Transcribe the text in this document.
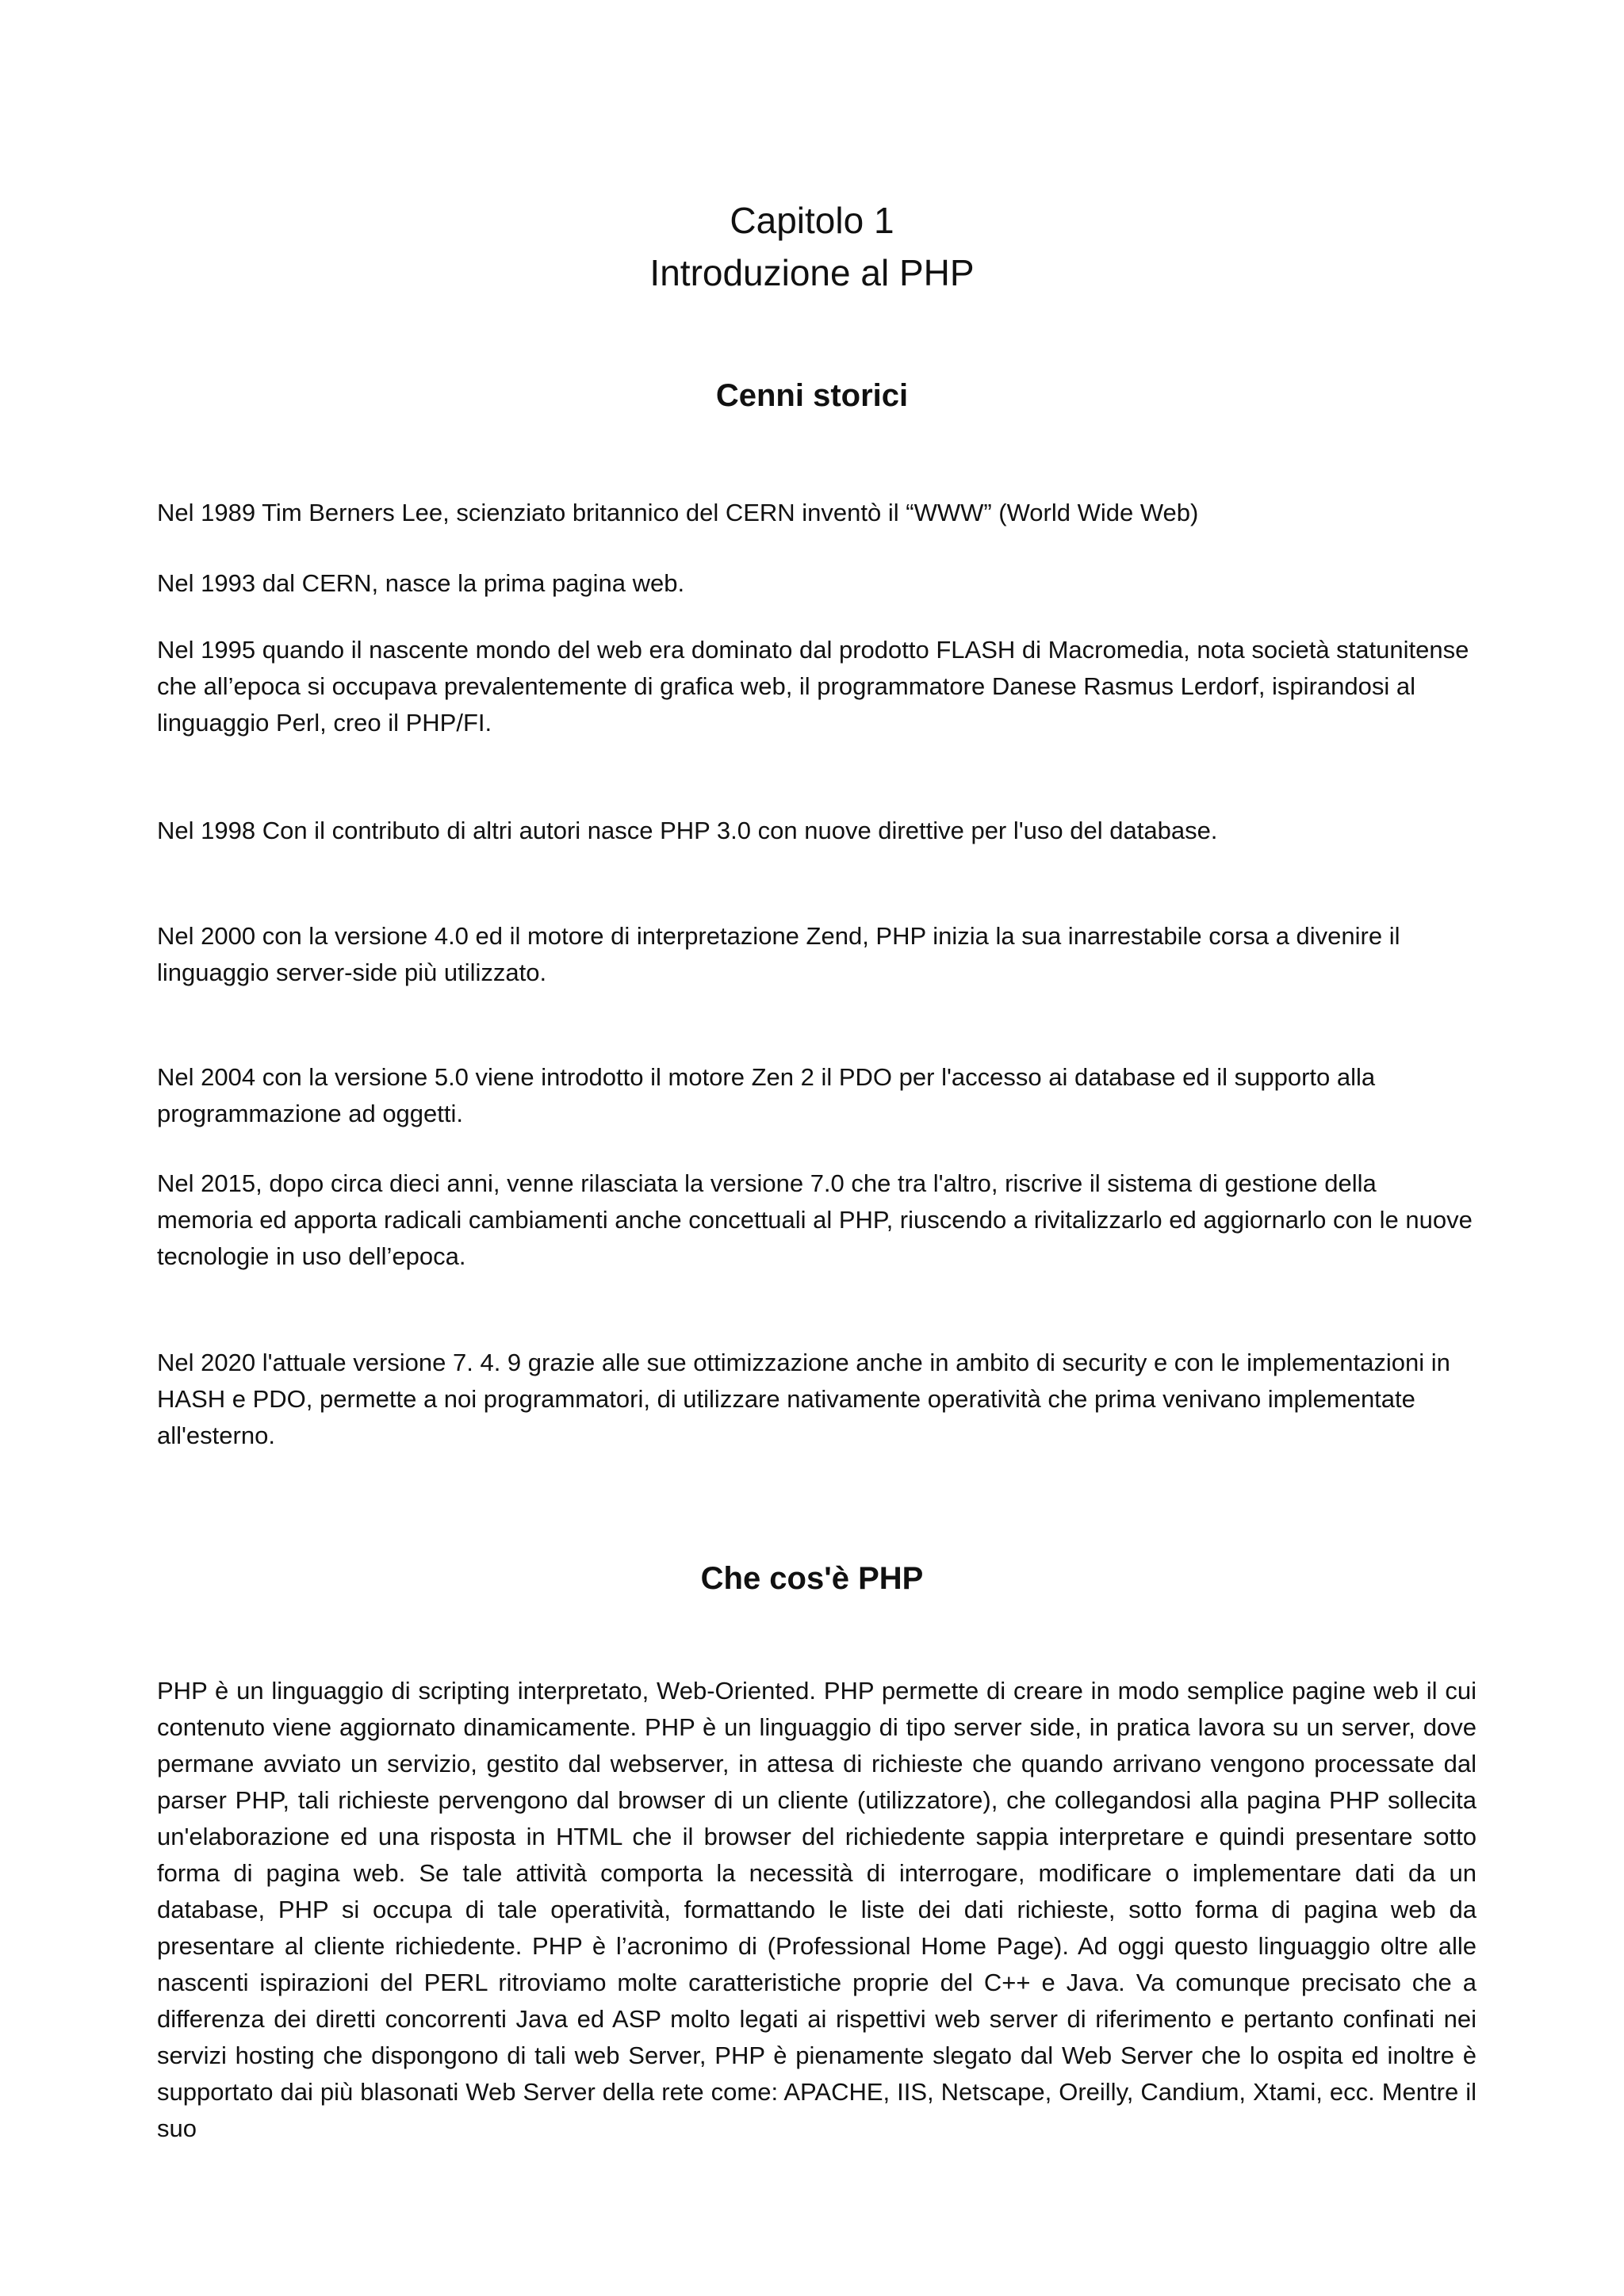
Capitolo 1
Introduzione al PHP
Cenni storici

Nel 1989 Tim Berners Lee, scienziato britannico del CERN inventò il “WWW” (World Wide Web)

Nel 1993 dal CERN, nasce la prima pagina web.

Nel 1995 quando il nascente mondo del web era dominato dal prodotto FLASH di Macromedia, nota società statunitense che all’epoca si occupava prevalentemente di grafica web, il programmatore Danese Rasmus Lerdorf, ispirandosi al linguaggio Perl, creo il PHP/FI.

Nel 1998 Con il contributo di altri autori nasce PHP 3.0 con nuove direttive per l'uso del database.

Nel 2000 con la versione 4.0 ed il motore di interpretazione Zend, PHP inizia la sua inarrestabile corsa a divenire il linguaggio server-side più utilizzato.

Nel 2004 con la versione 5.0 viene introdotto il motore Zen 2 il PDO per l'accesso ai database ed il supporto alla programmazione ad oggetti.

Nel 2015, dopo circa dieci anni, venne rilasciata la versione 7.0 che tra l'altro, riscrive il sistema di gestione della memoria ed apporta radicali cambiamenti anche concettuali al PHP, riuscendo a rivitalizzarlo ed aggiornarlo con le nuove tecnologie in uso dell’epoca.

Nel 2020 l'attuale versione 7. 4. 9 grazie alle sue ottimizzazione anche in ambito di security e con le implementazioni in HASH e PDO, permette a noi programmatori, di utilizzare nativamente operatività che prima venivano implementate all'esterno.

Che cos'è PHP

PHP è un linguaggio di scripting interpretato, Web-Oriented. PHP permette di creare in modo semplice pagine web il cui contenuto viene aggiornato dinamicamente. PHP è un linguaggio di tipo server side, in pratica lavora su un server, dove permane avviato un servizio, gestito dal webserver, in attesa di richieste che quando arrivano vengono processate dal parser PHP, tali richieste pervengono dal browser di un cliente (utilizzatore), che collegandosi alla pagina PHP sollecita un'elaborazione ed una risposta in HTML che il browser del richiedente sappia interpretare e quindi presentare sotto forma di pagina web. Se tale attività comporta la necessità di interrogare, modificare o implementare dati da un database, PHP si occupa di tale operatività, formattando le liste dei dati richieste, sotto forma di pagina web da presentare al cliente richiedente. PHP è l’acronimo di (Professional Home Page). Ad oggi questo linguaggio oltre alle nascenti ispirazioni del PERL ritroviamo molte caratteristiche proprie del C++ e Java. Va comunque precisato che a differenza dei diretti concorrenti Java ed ASP molto legati ai rispettivi web server di riferimento e pertanto confinati nei servizi hosting che dispongono di tali web Server, PHP è pienamente slegato dal Web Server che lo ospita ed inoltre è supportato dai più blasonati Web Server della rete come: APACHE, IIS, Netscape, Oreilly, Candium, Xtami, ecc. Mentre il suo
